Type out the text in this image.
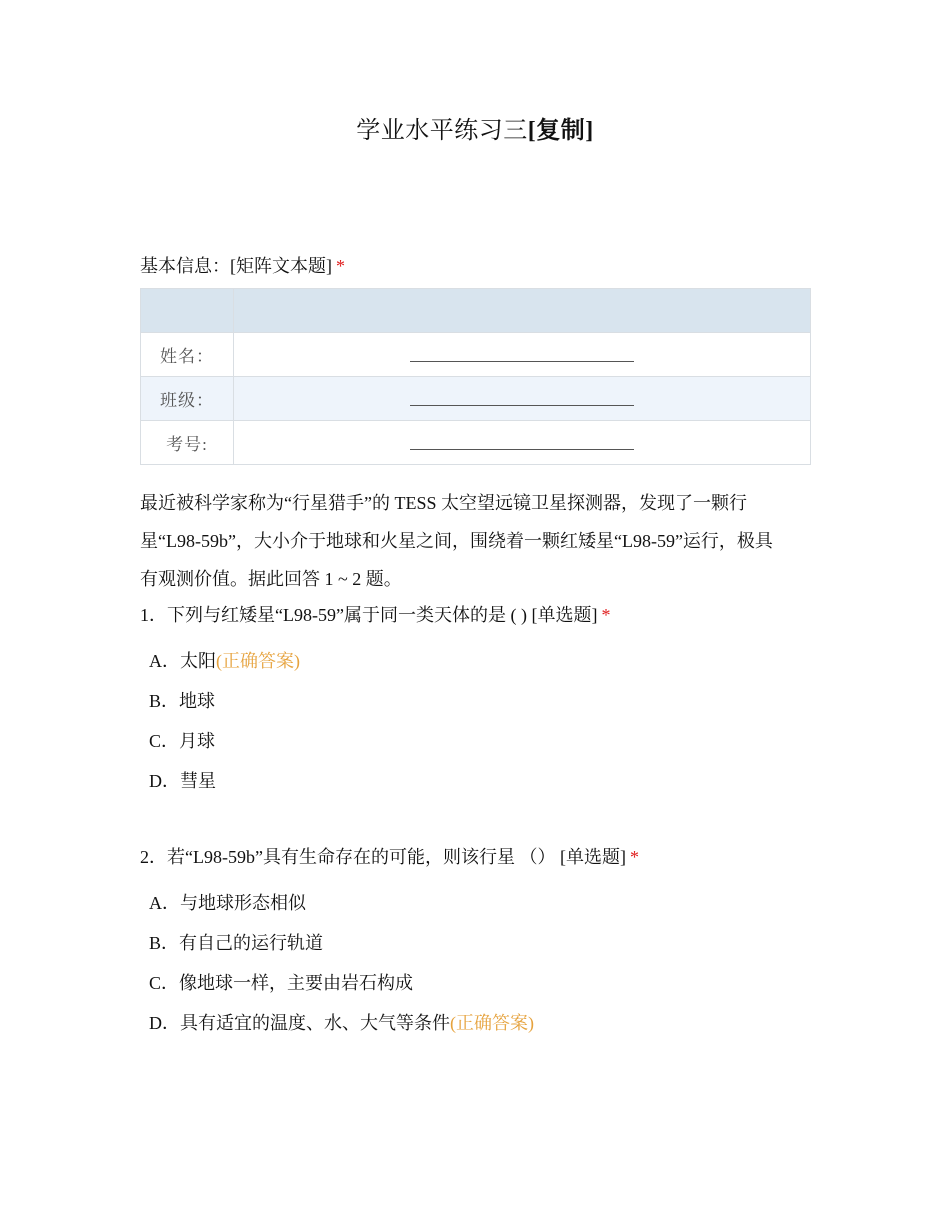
学业水平练习三[复制]
基本信息：[矩阵文本题] *

姓名：	
班级：	
考号:	
最近被科学家称为“行星猎手”的 TESS 太空望远镜卫星探测器，发现了一颗行
星“L98-59b”，大小介于地球和火星之间，围绕着一颗红矮星“L98-59”运行，极具
有观测价值。据此回答 1 ~ 2 题。
1．下列与红矮星“L98-59”属于同一类天体的是 ( ) [单选题] *
A．太阳(正确答案)
B．地球
C．月球
D．彗星
2．若“L98-59b”具有生命存在的可能，则该行星 （） [单选题] *
A．与地球形态相似
B．有自己的运行轨道
C．像地球一样，主要由岩石构成
D．具有适宜的温度、水、大气等条件(正确答案)
